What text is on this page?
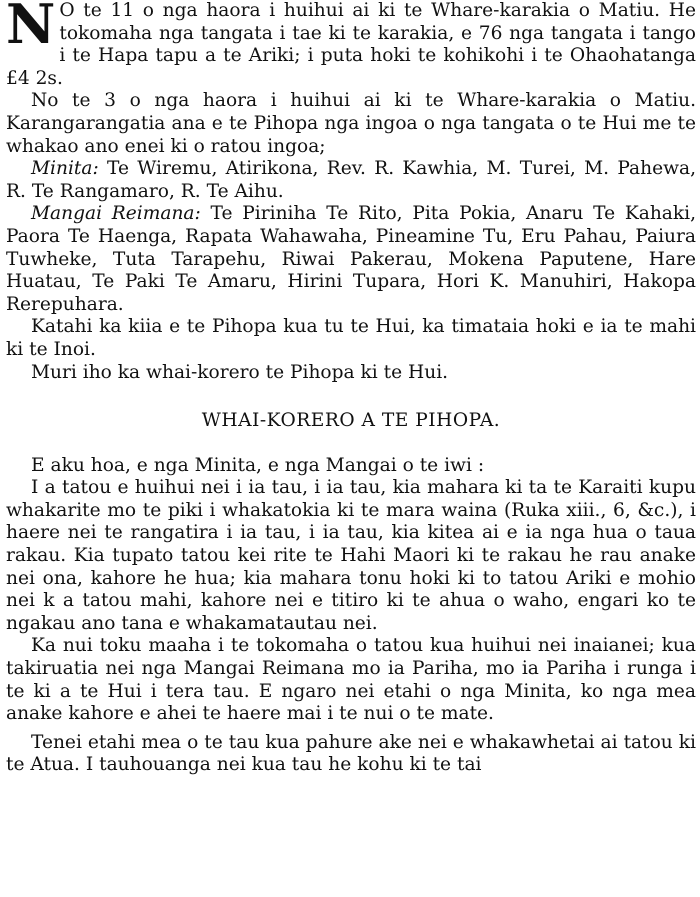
N O te 11 o nga haora i huihui ai ki te Whare-karakia o Matiu. He tokomaha nga tangata i tae ki te karakia, e 76 nga tangata i tango i te Hapa tapu a te Ariki; i puta hoki te kohikohi i te Ohaohatanga £4 2s.

No te 3 o nga haora i huihui ai ki te Whare-karakia o Matiu. Karangarangatia ana e te Pihopa nga ingoa o nga tangata o te Hui me te whakao ano enei ki o ratou ingoa;

Minita: Te Wiremu, Atirikona, Rev. R. Kawhia, M. Turei, M. Pahewa, R. Te Rangamaro, R. Te Aihu.

Mangai Reimana: Te Piriniha Te Rito, Pita Pokia, Anaru Te Kahaki, Paora Te Haenga, Rapata Wahawaha, Pineamine Tu, Eru Pahau, Paiura Tuwheke, Tuta Tarapehu, Riwai Pakerau, Mokena Paputene, Hare Huatau, Te Paki Te Amaru, Hirini Tupara, Hori K. Manuhiri, Hakopa Rerepuhara.

Katahi ka kiia e te Pihopa kua tu te Hui, ka timataia hoki e ia te mahi ki te Inoi.

Muri iho ka whai-korero te Pihopa ki te Hui.

WHAI-KORERO A TE PIHOPA.

E aku hoa, e nga Minita, e nga Mangai o te iwi :

I a tatou e huihui nei i ia tau, i ia tau, kia mahara ki ta te Karaiti kupu whakarite mo te piki i whakatokia ki te mara waina (Ruka xiii., 6, &c.), i haere nei te rangatira i ia tau, i ia tau, kia kitea ai e ia nga hua o taua rakau. Kia tupato tatou kei rite te Hahi Maori ki te rakau he rau anake nei ona, kahore he hua; kia mahara tonu hoki ki to tatou Ariki e mohio nei k a tatou mahi, kahore nei e titiro ki te ahua o waho, engari ko te ngakau ano tana e whakamatautau nei.

Ka nui toku maaha i te tokomaha o tatou kua huihui nei inaianei; kua takiruatia nei nga Mangai Reimana mo ia Pariha, mo ia Pariha i runga i te ki a te Hui i tera tau. E ngaro nei etahi o nga Minita, ko nga mea anake kahore e ahei te haere mai i te nui o te mate.

Tenei etahi mea o te tau kua pahure ake nei e whakawhetai ai tatou ki te Atua. I tauhouanga nei kua tau he kohu ki te tai
